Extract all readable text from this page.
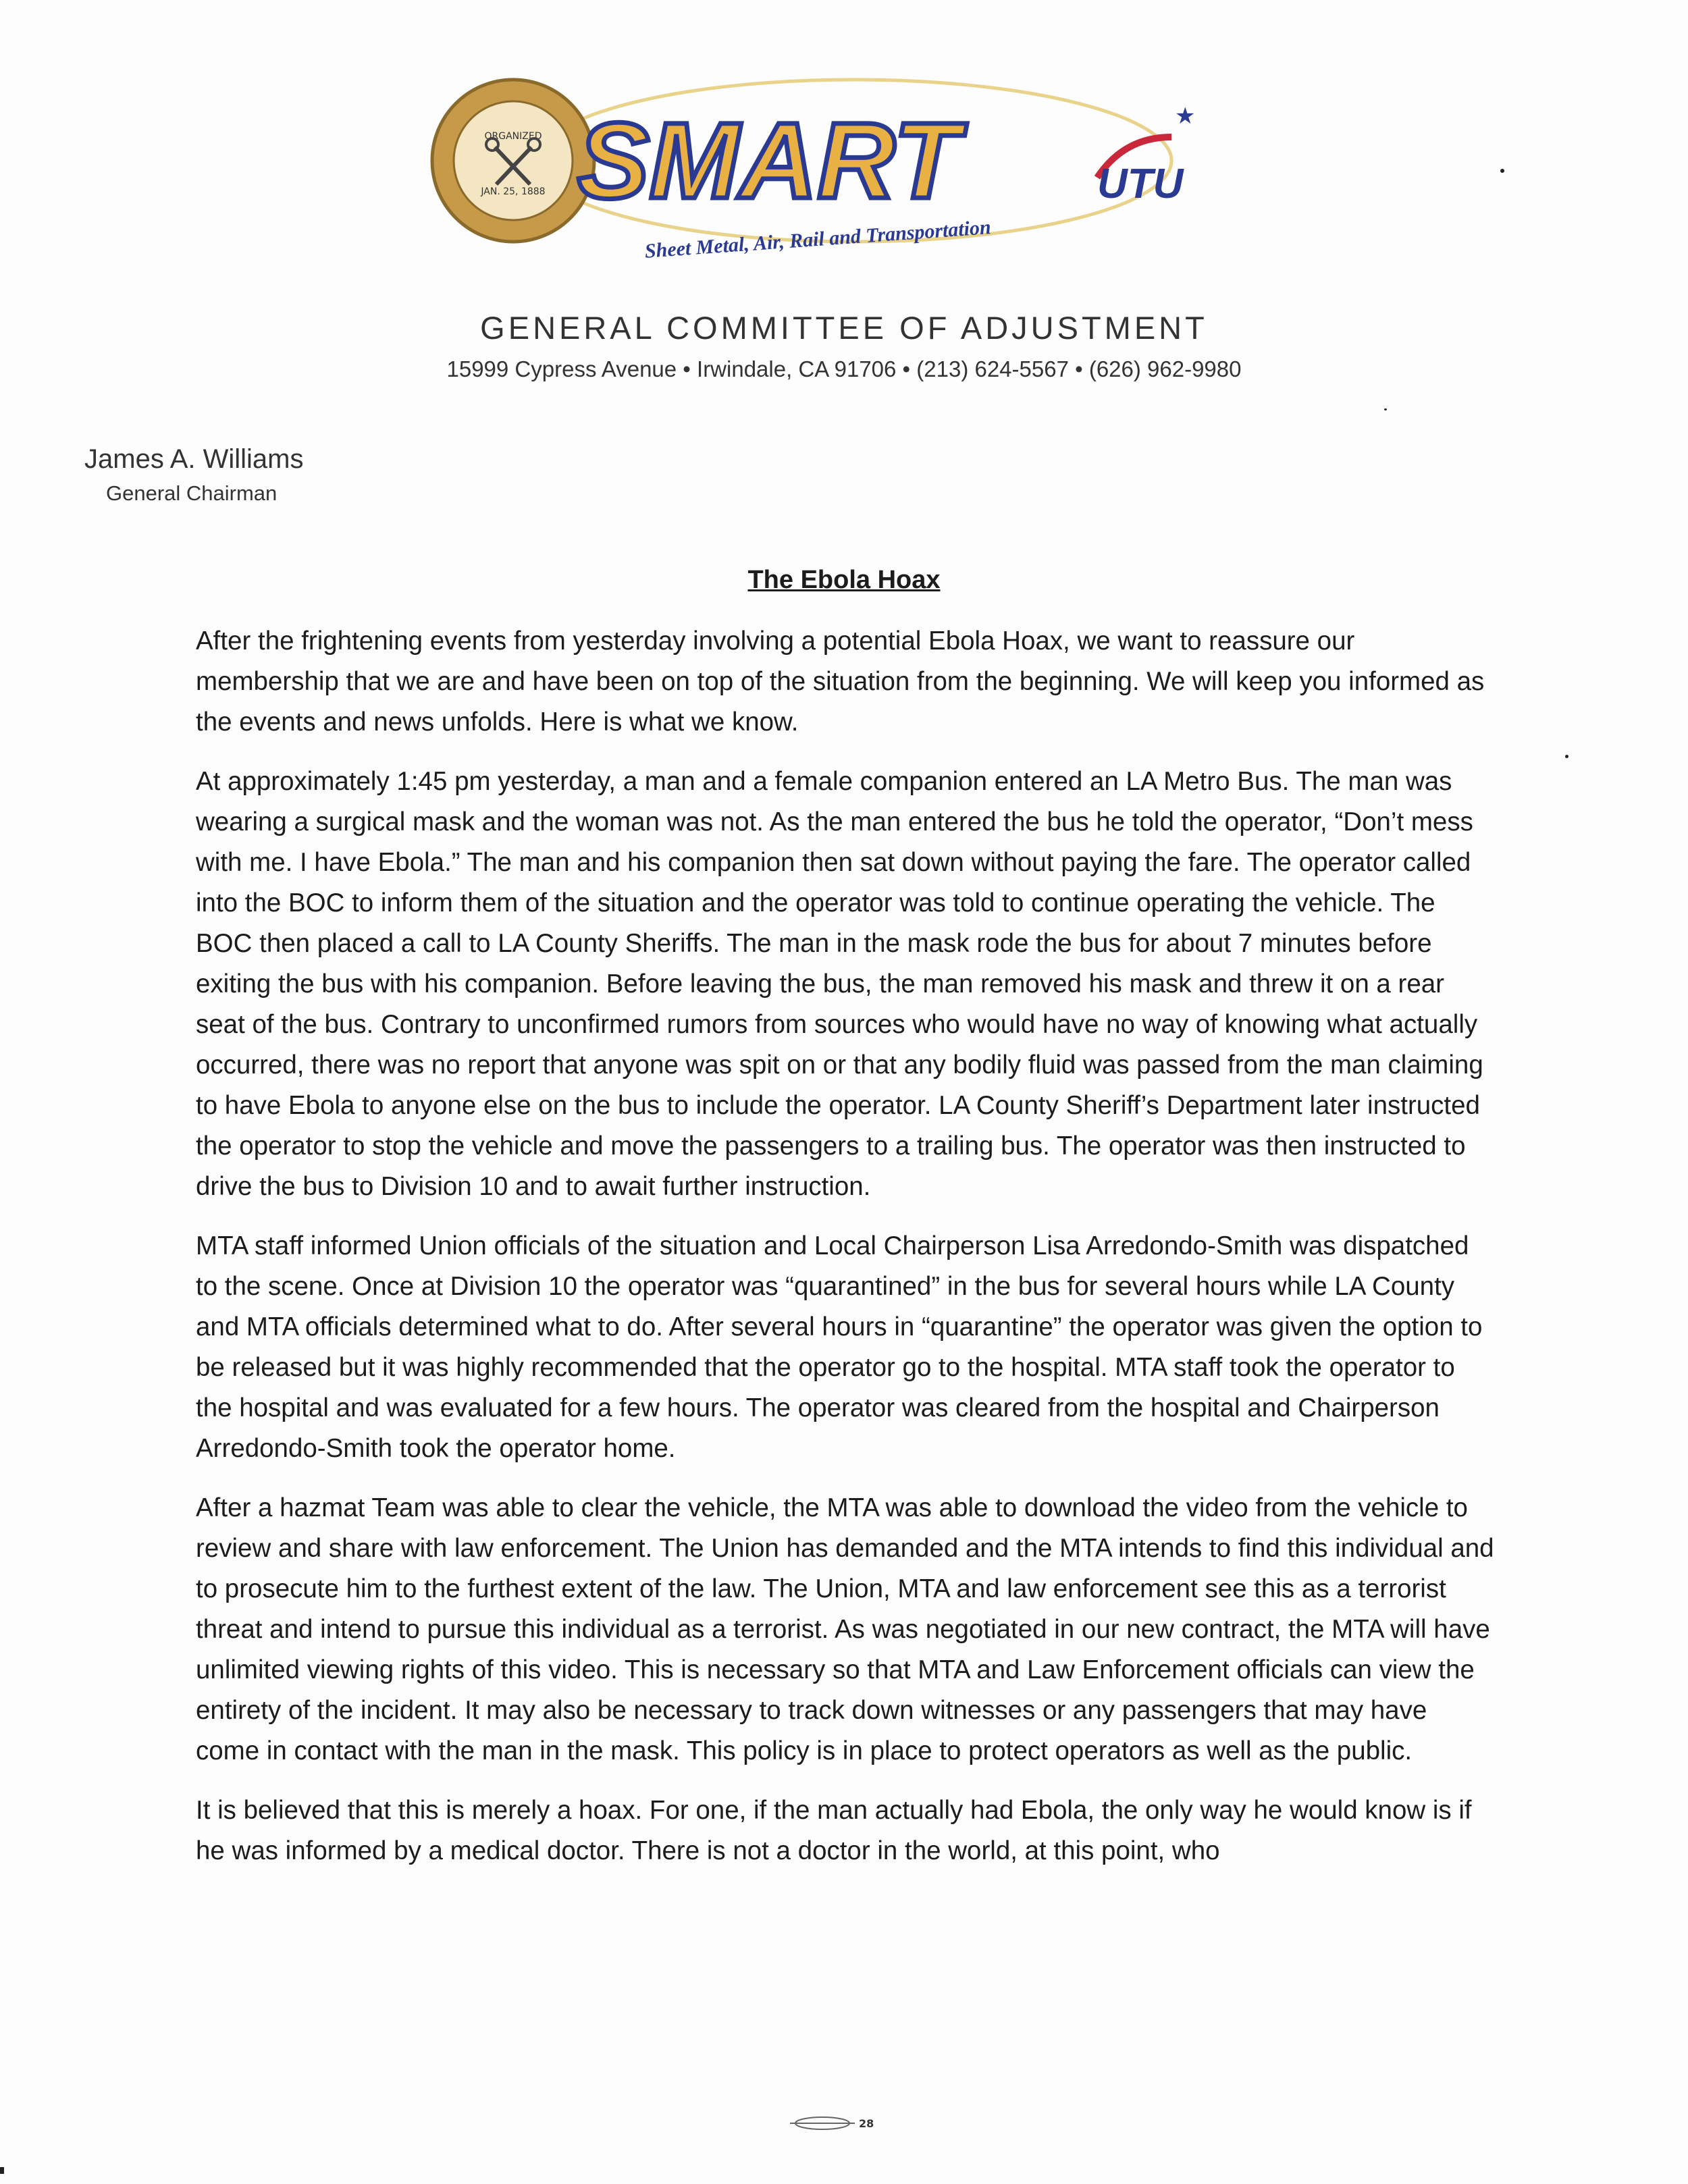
ORGANIZED
JAN. 25, 1888 SMART	UTU
★
Sheet Metal, Air, Rail and Transportation
GENERAL COMMITTEE OF ADJUSTMENT
15999 Cypress Avenue • Irwindale, CA 91706 • (213) 624-5567 • (626) 962-9980
James A. Williams
General Chairman
The Ebola Hoax

After the frightening events from yesterday involving a potential Ebola Hoax, we want to reassure our membership that we are and have been on top of the situation from the beginning. We will keep you informed as the events and news unfolds. Here is what we know.

At approximately 1:45 pm yesterday, a man and a female companion entered an LA Metro Bus. The man was wearing a surgical mask and the woman was not. As the man entered the bus he told the operator, “Don’t mess with me. I have Ebola.” The man and his companion then sat down without paying the fare. The operator called into the BOC to inform them of the situation and the operator was told to continue operating the vehicle. The BOC then placed a call to LA County Sheriffs. The man in the mask rode the bus for about 7 minutes before exiting the bus with his companion. Before leaving the bus, the man removed his mask and threw it on a rear seat of the bus. Contrary to unconfirmed rumors from sources who would have no way of knowing what actually occurred, there was no report that anyone was spit on or that any bodily fluid was passed from the man claiming to have Ebola to anyone else on the bus to include the operator. LA County Sheriff’s Department later instructed the operator to stop the vehicle and move the passengers to a trailing bus. The operator was then instructed to drive the bus to Division 10 and to await further instruction.

MTA staff informed Union officials of the situation and Local Chairperson Lisa Arredondo-Smith was dispatched to the scene. Once at Division 10 the operator was “quarantined” in the bus for several hours while LA County and MTA officials determined what to do. After several hours in “quarantine” the operator was given the option to be released but it was highly recommended that the operator go to the hospital. MTA staff took the operator to the hospital and was evaluated for a few hours. The operator was cleared from the hospital and Chairperson Arredondo-Smith took the operator home.

After a hazmat Team was able to clear the vehicle, the MTA was able to download the video from the vehicle to review and share with law enforcement. The Union has demanded and the MTA intends to find this individual and to prosecute him to the furthest extent of the law. The Union, MTA and law enforcement see this as a terrorist threat and intend to pursue this individual as a terrorist. As was negotiated in our new contract, the MTA will have unlimited viewing rights of this video. This is necessary so that MTA and Law Enforcement officials can view the entirety of the incident. It may also be necessary to track down witnesses or any passengers that may have come in contact with the man in the mask. This policy is in place to protect operators as well as the public.

It is believed that this is merely a hoax. For one, if the man actually had Ebola, the only way he would know is if he was informed by a medical doctor. There is not a doctor in the world, at this point, who

28
